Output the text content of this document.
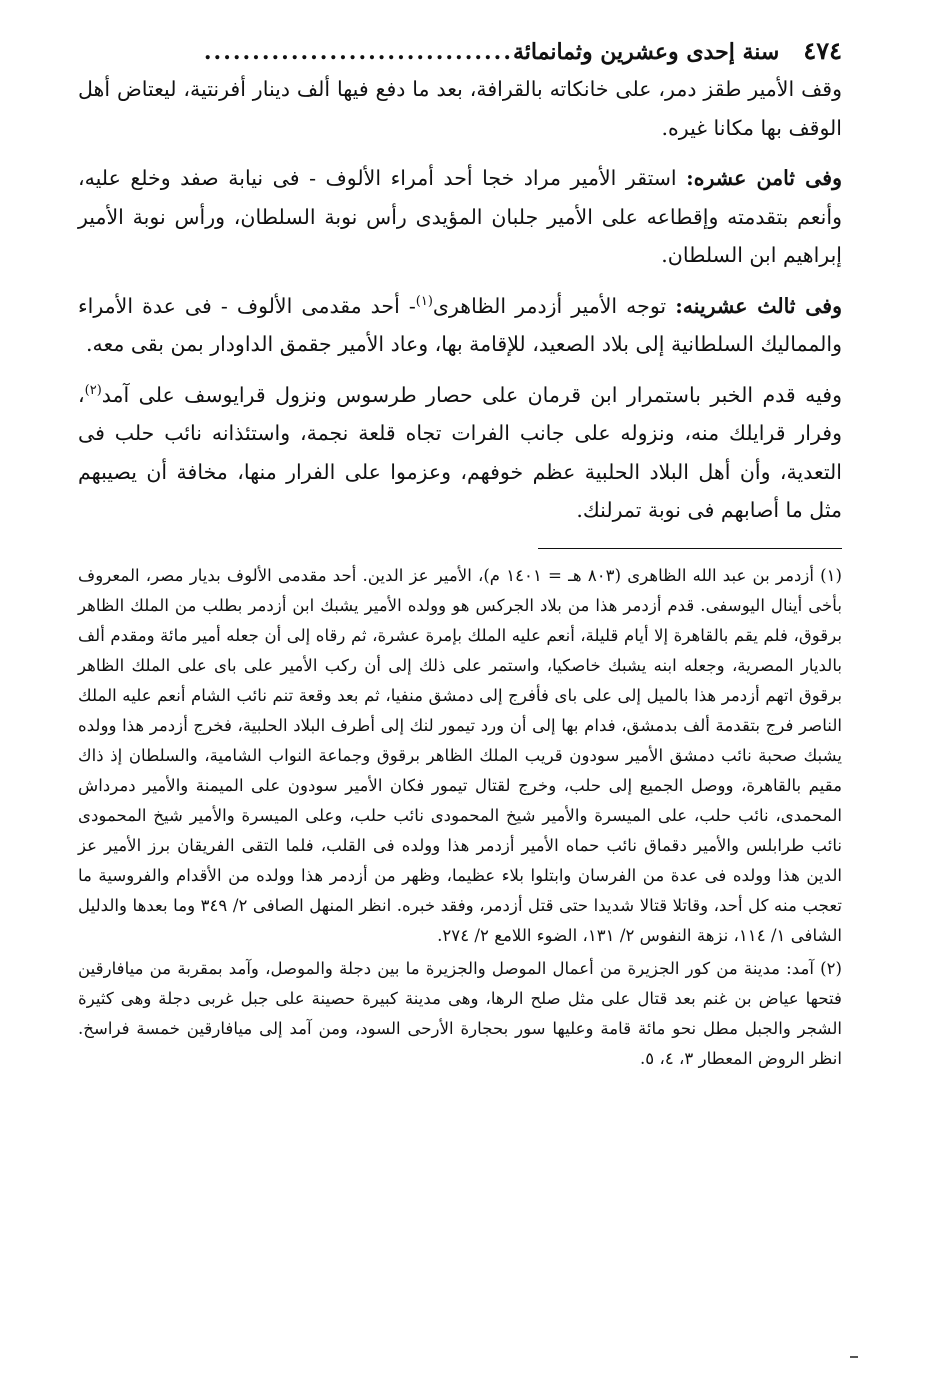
٤٧٤
سنة إحدى وعشرين وثمانمائة
................................

وقف الأمير طقز دمر، على خانكاته بالقرافة، بعد ما دفع فيها ألف دينار أفرنتية، ليعتاض أهل الوقف بها مكانا غيره.

وفى ثامن عشره: استقر الأمير مراد خجا أحد أمراء الألوف - فى نيابة صفد وخلع عليه، وأنعم بتقدمته وإقطاعه على الأمير جلبان المؤيدى رأس نوبة السلطان، ورأس نوبة الأمير إبراهيم ابن السلطان.

وفى ثالث عشرينه: توجه الأمير أزدمر الظاهرى$^{(١)}$- أحد مقدمى الألوف - فى عدة الأمراء والمماليك السلطانية إلى بلاد الصعيد، للإقامة بها، وعاد الأمير جقمق الداودار بمن بقى معه.

وفيه قدم الخبر باستمرار ابن قرمان على حصار طرسوس ونزول قرايوسف على آمد$^{(٢)}$، وفرار قرايلك منه، ونزوله على جانب الفرات تجاه قلعة نجمة، واستئذانه نائب حلب فى التعدية، وأن أهل البلاد الحلبية عظم خوفهم، وعزموا على الفرار منها، مخافة أن يصيبهم مثل ما أصابهم فى نوبة تمرلنك.

(١) أزدمر بن عبد الله الظاهرى (٨٠٣ هـ = ١٤٠١ م)، الأمير عز الدين. أحد مقدمى الألوف بديار مصر، المعروف بأخى أينال اليوسفى. قدم أزدمر هذا من بلاد الجركس هو وولده الأمير يشبك ابن أزدمر بطلب من الملك الظاهر برقوق، فلم يقم بالقاهرة إلا أيام قليلة، أنعم عليه الملك بإمرة عشرة، ثم رقاه إلى أن جعله أمير مائة ومقدم ألف بالديار المصرية، وجعله ابنه يشبك خاصكيا، واستمر على ذلك إلى أن ركب الأمير على باى على الملك الظاهر برقوق اتهم أزدمر هذا بالميل إلى على باى فأفرج إلى دمشق منفيا، ثم بعد وقعة تنم نائب الشام أنعم عليه الملك الناصر فرج بتقدمة ألف بدمشق، فدام بها إلى أن ورد تيمور لنك إلى أطرف البلاد الحلبية، فخرج أزدمر هذا وولده يشبك صحبة نائب دمشق الأمير سودون قريب الملك الظاهر برقوق وجماعة النواب الشامية، والسلطان إذ ذاك مقيم بالقاهرة، ووصل الجميع إلى حلب، وخرج لقتال تيمور فكان الأمير سودون على الميمنة والأمير دمرداش المحمدى، نائب حلب، على الميسرة والأمير شيخ المحمودى نائب حلب، وعلى الميسرة والأمير شيخ المحمودى نائب طرابلس والأمير دقماق نائب حماه الأمير أزدمر هذا وولده فى القلب، فلما التقى الفريقان برز الأمير عز الدين هذا وولده فى عدة من الفرسان وابتلوا بلاء عظيما، وظهر من أزدمر هذا وولده من الأقدام والفروسية ما تعجب منه كل أحد، وقاتلا قتالا شديدا حتى قتل أزدمر، وفقد خبره. انظر المنهل الصافى ٢/ ٣٤٩ وما بعدها والدليل الشافى ١/ ١١٤، نزهة النفوس ٢/ ١٣١، الضوء اللامع ٢/ ٢٧٤.

(٢) آمد: مدينة من كور الجزيرة من أعمال الموصل والجزيرة ما بين دجلة والموصل، وآمد بمقربة من ميافارقين فتحها عياض بن غنم بعد قتال على مثل صلح الرها، وهى مدينة كبيرة حصينة على جبل غربى دجلة وهى كثيرة الشجر والجبل مطل نحو مائة قامة وعليها سور بحجارة الأرحى السود، ومن آمد إلى ميافارقين خمسة فراسخ. انظر الروض المعطار ٣، ٤، ٥.
